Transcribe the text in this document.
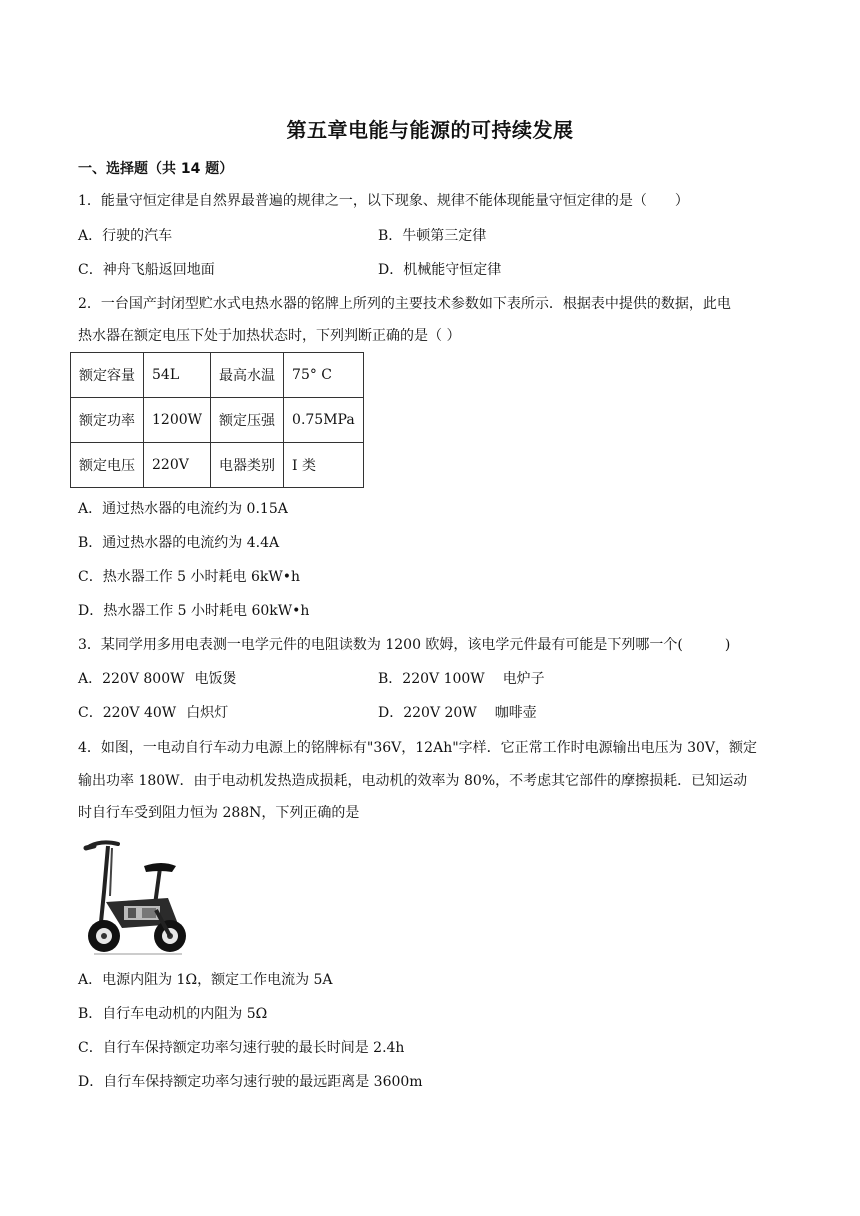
第五章电能与能源的可持续发展
一、选择题（共 14 题）
1．能量守恒定律是自然界最普遍的规律之一，以下现象、规律不能体现能量守恒定律的是（　　）
A．行驶的汽车	B．牛顿第三定律
C．神舟飞船返回地面	D．机械能守恒定律
2．一台国产封闭型贮水式电热水器的铭牌上所列的主要技术参数如下表所示．根据表中提供的数据，此电
热水器在额定电压下处于加热状态时，下列判断正确的是（ ）
额定容量	54L	最高水温	75° C
额定功率	1200W	额定压强	0.75MPa
额定电压	220V	电器类别	I 类
A．通过热水器的电流约为 0.15A
B．通过热水器的电流约为 4.4A
C．热水器工作 5 小时耗电 6kW•h
D．热水器工作 5 小时耗电 60kW•h
3．某同学用多用电表测一电学元件的电阻读数为 1200 欧姆，该电学元件最有可能是下列哪一个(　　　)
A．220V 800W 电饭煲	B．220V 100W 电炉子
C．220V 40W 白炽灯	D．220V 20W 咖啡壶
4．如图，一电动自行车动力电源上的铭牌标有"36V，12Ah"字样．它正常工作时电源输出电压为 30V，额定
输出功率 180W．由于电动机发热造成损耗，电动机的效率为 80%，不考虑其它部件的摩擦损耗．已知运动
时自行车受到阻力恒为 288N，下列正确的是
A．电源内阻为 1Ω，额定工作电流为 5A
B．自行车电动机的内阻为 5Ω
C．自行车保持额定功率匀速行驶的最长时间是 2.4h
D．自行车保持额定功率匀速行驶的最远距离是 3600m
